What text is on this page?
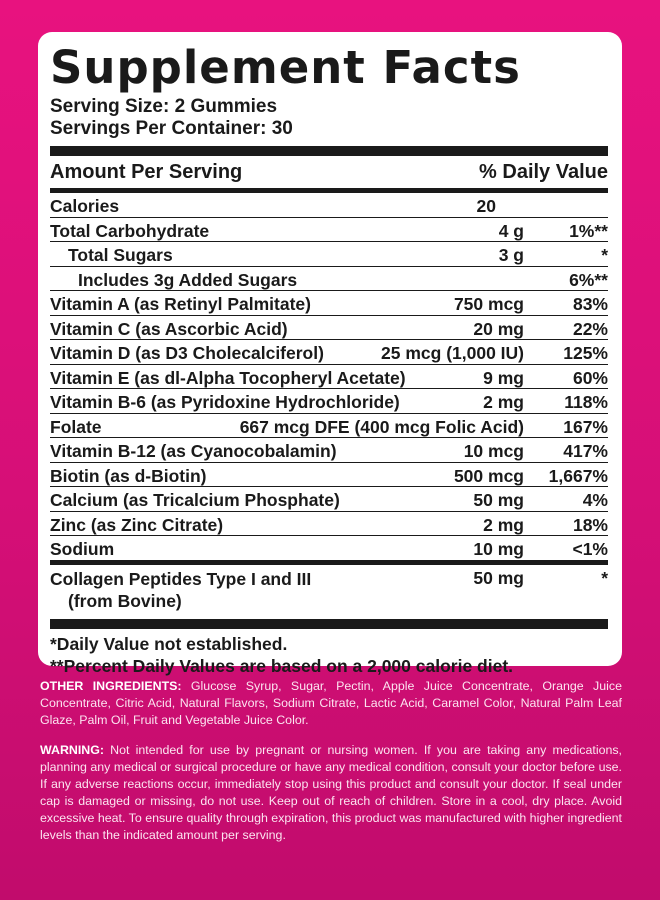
Supplement Facts
Serving Size: 2 Gummies
Servings Per Container: 30
Amount Per Serving	% Daily Value
Calories	20
Total Carbohydrate	4 g	1%**
Total Sugars	3 g	*
Includes 3g Added Sugars	6%**
Vitamin A (as Retinyl Palmitate)	750 mcg	83%
Vitamin C (as Ascorbic Acid)	20 mg	22%
Vitamin D (as D3 Cholecalciferol)	25 mcg (1,000 IU) 125%
Vitamin E (as dl-Alpha Tocopheryl Acetate)	9 mg	60%
Vitamin B-6 (as Pyridoxine Hydrochloride)	2 mg 118%
Folate	667 mcg DFE (400 mcg Folic Acid) 167%
Vitamin B-12 (as Cyanocobalamin)	10 mcg 417%
Biotin (as d-Biotin)	500 mcg 1,667%
Calcium (as Tricalcium Phosphate)	50 mg	4%
Zinc (as Zinc Citrate)	2 mg	18%
Sodium	10 mg	<1%
Collagen Peptides Type I and III
(from Bovine)
50 mg	*
*Daily Value not established.
**Percent Daily Values are based on a 2,000 calorie diet.
OTHER INGREDIENTS: Glucose Syrup, Sugar, Pectin, Apple Juice Concentrate, Orange Juice Concentrate, Citric Acid, Natural Flavors, Sodium Citrate, Lactic Acid, Caramel Color, Natural Palm Leaf Glaze, Palm Oil, Fruit and Vegetable Juice Color.
WARNING: Not intended for use by pregnant or nursing women. If you are taking any medications, planning any medical or surgical procedure or have any medical condition, consult your doctor before use. If any adverse reactions occur, immediately stop using this product and consult your doctor. If seal under cap is damaged or missing, do not use. Keep out of reach of children. Store in a cool, dry place. Avoid excessive heat. To ensure quality through expiration, this product was manufactured with higher ingredient levels than the indicated amount per serving.
